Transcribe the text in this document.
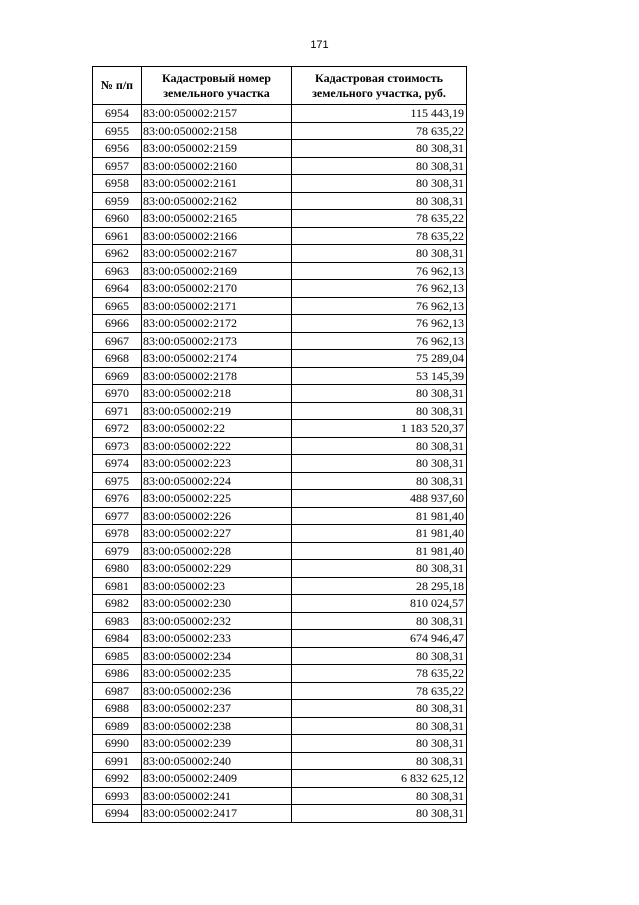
171
№ п/п	Кадастровый номер земельного участка	Кадастровая стоимость земельного участка, руб.
6954	83:00:050002:2157	115 443,19
6955	83:00:050002:2158	78 635,22
6956	83:00:050002:2159	80 308,31
6957	83:00:050002:2160	80 308,31
6958	83:00:050002:2161	80 308,31
6959	83:00:050002:2162	80 308,31
6960	83:00:050002:2165	78 635,22
6961	83:00:050002:2166	78 635,22
6962	83:00:050002:2167	80 308,31
6963	83:00:050002:2169	76 962,13
6964	83:00:050002:2170	76 962,13
6965	83:00:050002:2171	76 962,13
6966	83:00:050002:2172	76 962,13
6967	83:00:050002:2173	76 962,13
6968	83:00:050002:2174	75 289,04
6969	83:00:050002:2178	53 145,39
6970	83:00:050002:218	80 308,31
6971	83:00:050002:219	80 308,31
6972	83:00:050002:22	1 183 520,37
6973	83:00:050002:222	80 308,31
6974	83:00:050002:223	80 308,31
6975	83:00:050002:224	80 308,31
6976	83:00:050002:225	488 937,60
6977	83:00:050002:226	81 981,40
6978	83:00:050002:227	81 981,40
6979	83:00:050002:228	81 981,40
6980	83:00:050002:229	80 308,31
6981	83:00:050002:23	28 295,18
6982	83:00:050002:230	810 024,57
6983	83:00:050002:232	80 308,31
6984	83:00:050002:233	674 946,47
6985	83:00:050002:234	80 308,31
6986	83:00:050002:235	78 635,22
6987	83:00:050002:236	78 635,22
6988	83:00:050002:237	80 308,31
6989	83:00:050002:238	80 308,31
6990	83:00:050002:239	80 308,31
6991	83:00:050002:240	80 308,31
6992	83:00:050002:2409	6 832 625,12
6993	83:00:050002:241	80 308,31
6994	83:00:050002:2417	80 308,31
